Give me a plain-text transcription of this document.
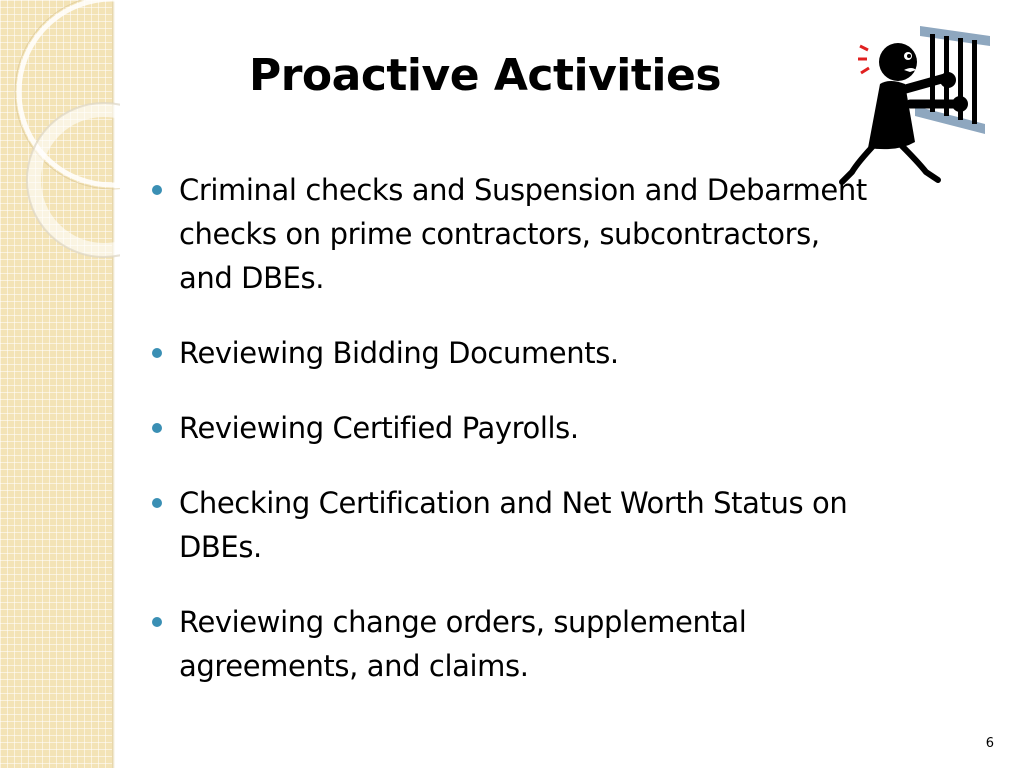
Proactive Activities
Criminal checks and Suspension and Debarment checks on prime contractors, subcontractors, and DBEs.
Reviewing Bidding Documents.
Reviewing Certified Payrolls.
Checking Certification and Net Worth Status on DBEs.
Reviewing change orders, supplemental agreements, and claims.
6
